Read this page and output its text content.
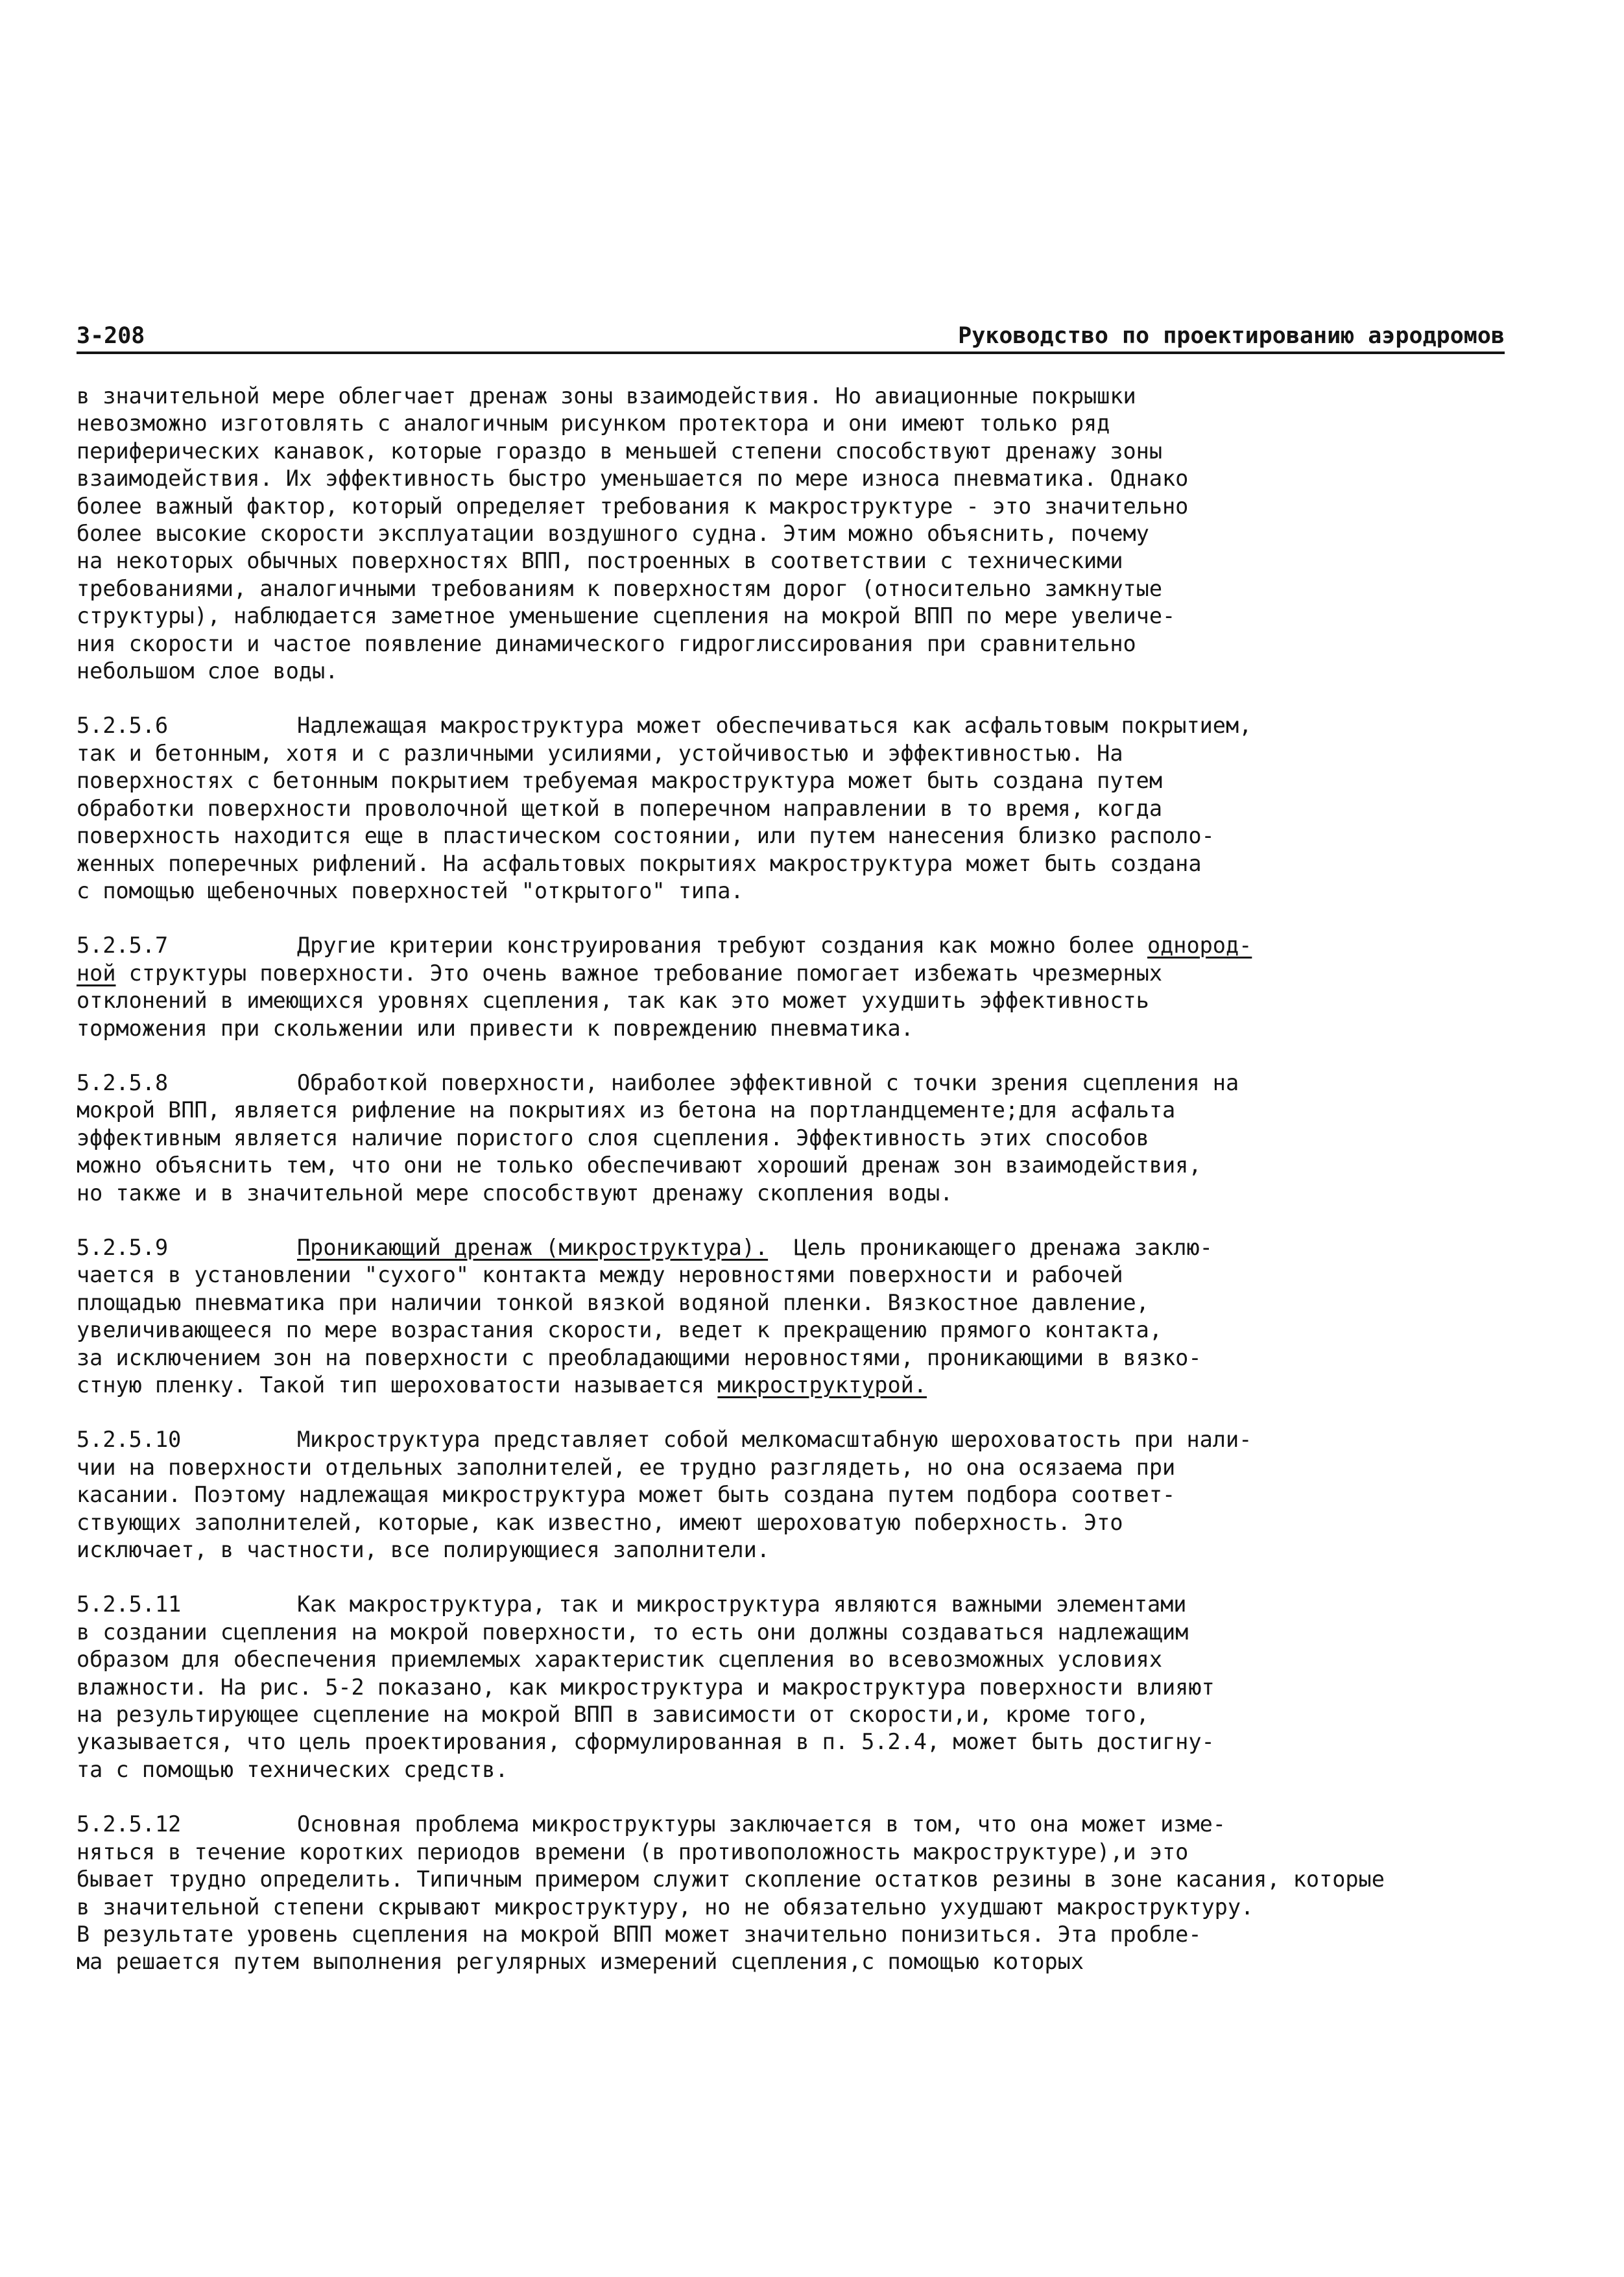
3-208	Руководство по проектированию аэродромов

в значительной мере облегчает дренаж зоны взаимодействия. Но авиационные покрышки
невозможно изготовлять с аналогичным рисунком протектора и они имеют только ряд
периферических канавок, которые гораздо в меньшей степени способствуют дренажу зоны
взаимодействия. Их эффективность быстро уменьшается по мере износа пневматика. Однако
более важный фактор, который определяет требования к макроструктуре - это значительно
более высокие скорости эксплуатации воздушного судна. Этим можно объяснить, почему
на некоторых обычных поверхностях ВПП, построенных в соответствии с техническими
требованиями, аналогичными требованиям к поверхностям дорог (относительно замкнутые
структуры), наблюдается заметное уменьшение сцепления на мокрой ВПП по мере увеличе-
ния скорости и частое появление динамического гидроглиссирования при сравнительно
небольшом слое воды.
5.2.5.6	Надлежащая макроструктура может обеспечиваться как асфальтовым покрытием,
так и бетонным, хотя и с различными усилиями, устойчивостью и эффективностью. На
поверхностях с бетонным покрытием требуемая макроструктура может быть создана путем
обработки поверхности проволочной щеткой в поперечном направлении в то время, когда
поверхность находится еще в пластическом состоянии, или путем нанесения близко располо-
женных поперечных рифлений. На асфальтовых покрытиях макроструктура может быть создана
с помощью щебеночных поверхностей "открытого" типа.
5.2.5.7	Другие критерии конструирования требуют создания как можно более однород-
ной структуры поверхности. Это очень важное требование помогает избежать чрезмерных
отклонений в имеющихся уровнях сцепления, так как это может ухудшить эффективность
торможения при скольжении или привести к повреждению пневматика.
5.2.5.8	Обработкой поверхности, наиболее эффективной с точки зрения сцепления на
мокрой ВПП, является рифление на покрытиях из бетона на портландцементе;для асфальта
эффективным является наличие пористого слоя сцепления. Эффективность этих способов
можно объяснить тем, что они не только обеспечивают хороший дренаж зон взаимодействия,
но также и в значительной мере способствуют дренажу скопления воды.
5.2.5.9	Проникающий дренаж (микроструктура).  Цель проникающего дренажа заклю-
чается в установлении "сухого" контакта между неровностями поверхности и рабочей
площадью пневматика при наличии тонкой вязкой водяной пленки. Вязкостное давление,
увеличивающееся по мере возрастания скорости, ведет к прекращению прямого контакта,
за исключением зон на поверхности с преобладающими неровностями, проникающими в вязко-
стную пленку. Такой тип шероховатости называется микроструктурой.
5.2.5.10	Микроструктура представляет собой мелкомасштабную шероховатость при нали-
чии на поверхности отдельных заполнителей, ее трудно разглядеть, но она осязаема при
касании. Поэтому надлежащая микроструктура может быть создана путем подбора соответ-
ствующих заполнителей, которые, как известно, имеют шероховатую поберхность. Это
исключает, в частности, все полирующиеся заполнители.
5.2.5.11	Как макроструктура, так и микроструктура являются важными элементами
в создании сцепления на мокрой поверхности, то есть они должны создаваться надлежащим
образом для обеспечения приемлемых характеристик сцепления во всевозможных условиях
влажности. На рис. 5-2 показано, как микроструктура и макроструктура поверхности влияют
на результирующее сцепление на мокрой ВПП в зависимости от скорости,и, кроме того,
указывается, что цель проектирования, сформулированная в п. 5.2.4, может быть достигну-
та с помощью технических средств.
5.2.5.12	Основная проблема микроструктуры заключается в том, что она может изме-
няться в течение коротких периодов времени (в противоположность макроструктуре),и это
бывает трудно определить. Типичным примером служит скопление остатков резины в зоне касания, которые
в значительной степени скрывают микроструктуру, но не обязательно ухудшают макроструктуру.
В результате уровень сцепления на мокрой ВПП может значительно понизиться. Эта пробле-
ма решается путем выполнения регулярных измерений сцепления,с помощью которых
